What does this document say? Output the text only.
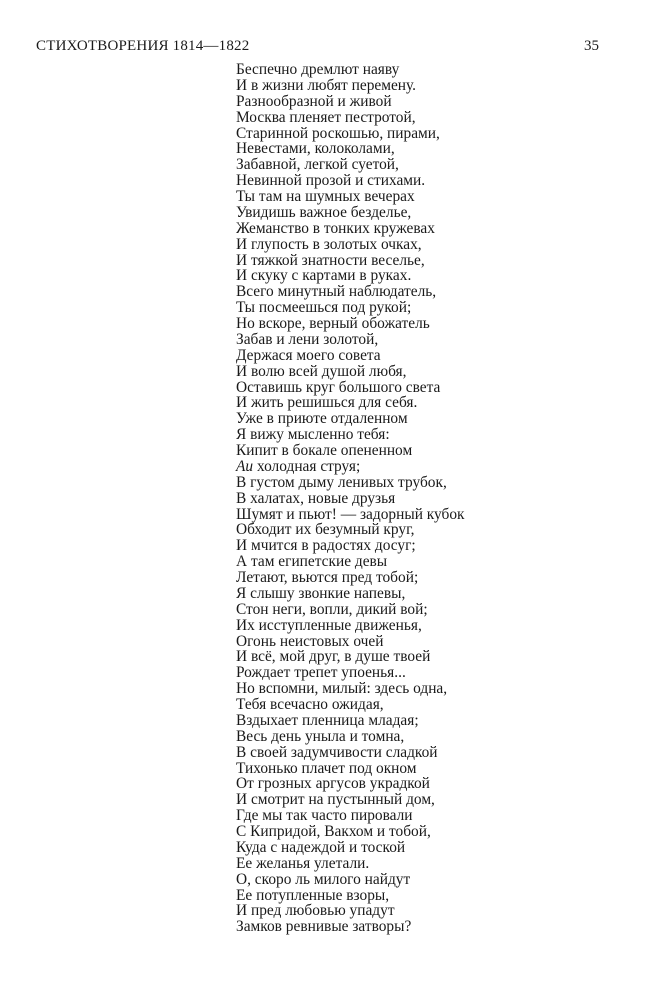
СТИХОТВОРЕНИЯ 1814—1822	35
Беспечно дремлют наяву
И в жизни любят перемену.
Разнообразной и живой
Москва пленяет пестротой,
Старинной роскошью, пирами,
Невестами, колоколами,
Забавной, легкой суетой,
Невинной прозой и стихами.
Ты там на шумных вечерах
Увидишь важное безделье,
Жеманство в тонких кружевах
И глупость в золотых очках,
И тяжкой знатности веселье,
И скуку с картами в руках.
Всего минутный наблюдатель,
Ты посмеешься под рукой;
Но вскоре, верный обожатель
Забав и лени золотой,
Держася моего совета
И волю всей душой любя,
Оставишь круг большого света
И жить решишься для себя.
Уже в приюте отдаленном
Я вижу мысленно тебя:
Кипит в бокале опененном
Аи холодная струя;
В густом дыму ленивых трубок,
В халатах, новые друзья
Шумят и пьют! — задорный кубок
Обходит их безумный круг,
И мчится в радостях досуг;
А там египетские девы
Летают, вьются пред тобой;
Я слышу звонкие напевы,
Стон неги, вопли, дикий вой;
Их исступленные движенья,
Огонь неистовых очей
И всё, мой друг, в душе твоей
Рождает трепет упоенья...
Но вспомни, милый: здесь одна,
Тебя всечасно ожидая,
Вздыхает пленница младая;
Весь день уныла и томна,
В своей задумчивости сладкой
Тихонько плачет под окном
От грозных аргусов украдкой
И смотрит на пустынный дом,
Где мы так часто пировали
С Кипридой, Вакхом и тобой,
Куда с надеждой и тоской
Ее желанья улетали.
О, скоро ль милого найдут
Ее потупленные взоры,
И пред любовью упадут
Замков ревнивые затворы?
